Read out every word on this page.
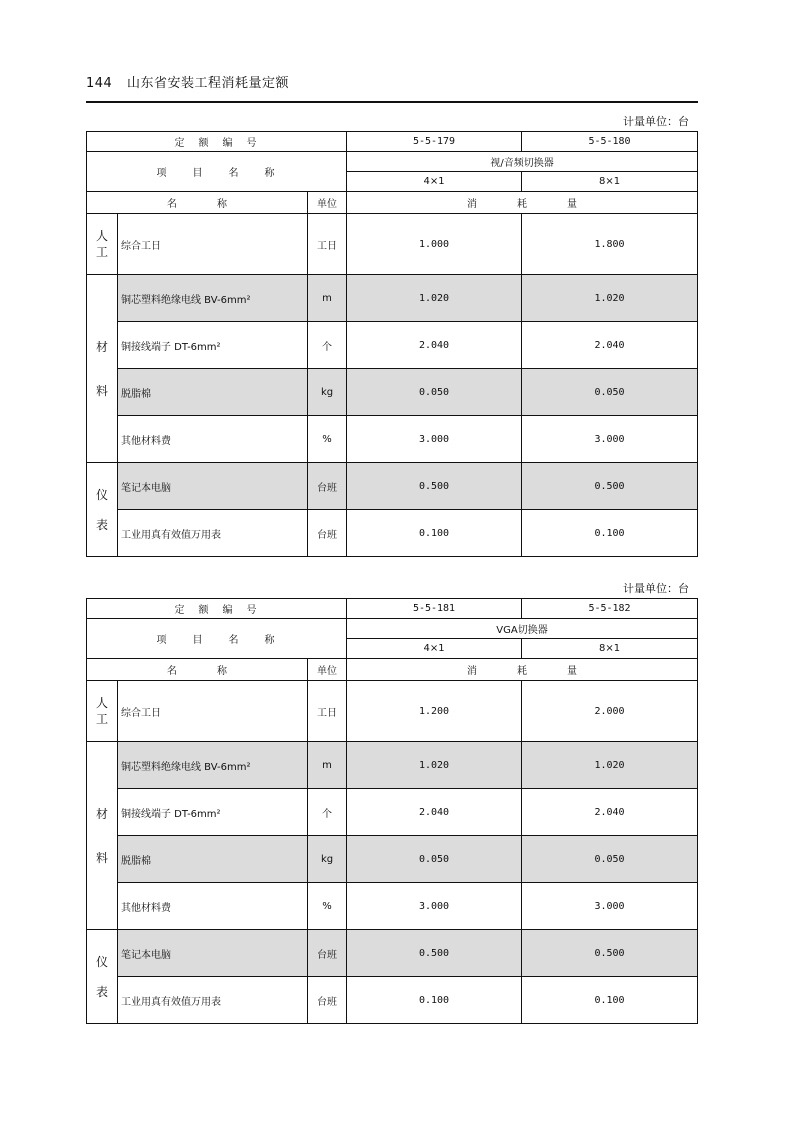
144 山东省安装工程消耗量定额
计量单位：台
定　额　编　号			5-5-179	5-5-180
项　　目　　名　　称			视/音频切换器	
			4×1	8×1
名　　　　称		单位	消　　　　耗　　　　量	
人
工	综合工日	工日	1.000	1.800
材

料	铜芯塑料绝缘电线 BV-6mm²	m	1.020	1.020
	铜接线端子 DT-6mm²	个	2.040	2.040
	脱脂棉	kg	0.050	0.050
	其他材料费	%	3.000	3.000
仪

表	笔记本电脑	台班	0.500	0.500
	工业用真有效值万用表	台班	0.100	0.100
计量单位：台
定　额　编　号			5-5-181	5-5-182
项　　目　　名　　称			VGA切换器	
			4×1	8×1
名　　　　称		单位	消　　　　耗　　　　量	
人
工	综合工日	工日	1.200	2.000
材

料	铜芯塑料绝缘电线 BV-6mm²	m	1.020	1.020
	铜接线端子 DT-6mm²	个	2.040	2.040
	脱脂棉	kg	0.050	0.050
	其他材料费	%	3.000	3.000
仪

表	笔记本电脑	台班	0.500	0.500
	工业用真有效值万用表	台班	0.100	0.100
